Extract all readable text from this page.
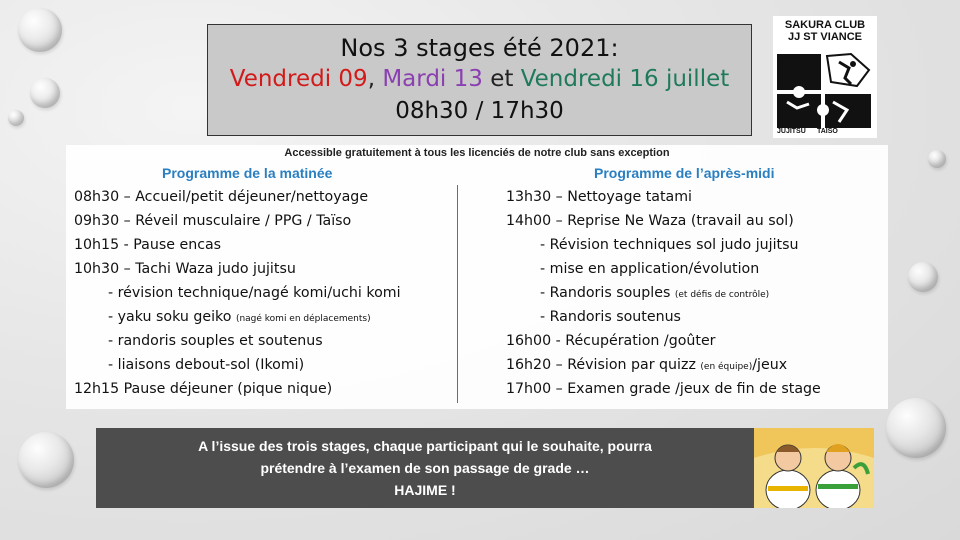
Nos 3 stages été 2021:
Vendredi 09, Mardi 13 et Vendredi 16 juillet
08h30 / 17h30
SAKURA CLUB
JJ ST VIANCE
JUDO
JUJITSU TAISO
Accessible gratuitement à tous les licenciés de notre club sans exception
Programme de la matinée	Programme de l’après-midi
08h30 – Accueil/petit déjeuner/nettoyage
09h30 – Réveil musculaire / PPG / Taïso
10h15 - Pause encas
10h30 – Tachi Waza judo jujitsu
- révision technique/nagé komi/uchi komi
- yaku soku geiko (nagé komi en déplacements)
- randoris souples et soutenus
- liaisons debout-sol (Ikomi)
12h15 Pause déjeuner (pique nique)
13h30 – Nettoyage tatami
14h00 – Reprise Ne Waza (travail au sol)
- Révision techniques sol judo jujitsu
- mise en application/évolution
- Randoris souples (et défis de contrôle)
- Randoris soutenus
16h00 - Récupération /goûter
16h20 – Révision par quizz (en équipe)/jeux
17h00 – Examen grade /jeux de fin de stage
A l’issue des trois stages, chaque participant qui le souhaite, pourra
prétendre à l’examen de son passage de grade …
HAJIME !
